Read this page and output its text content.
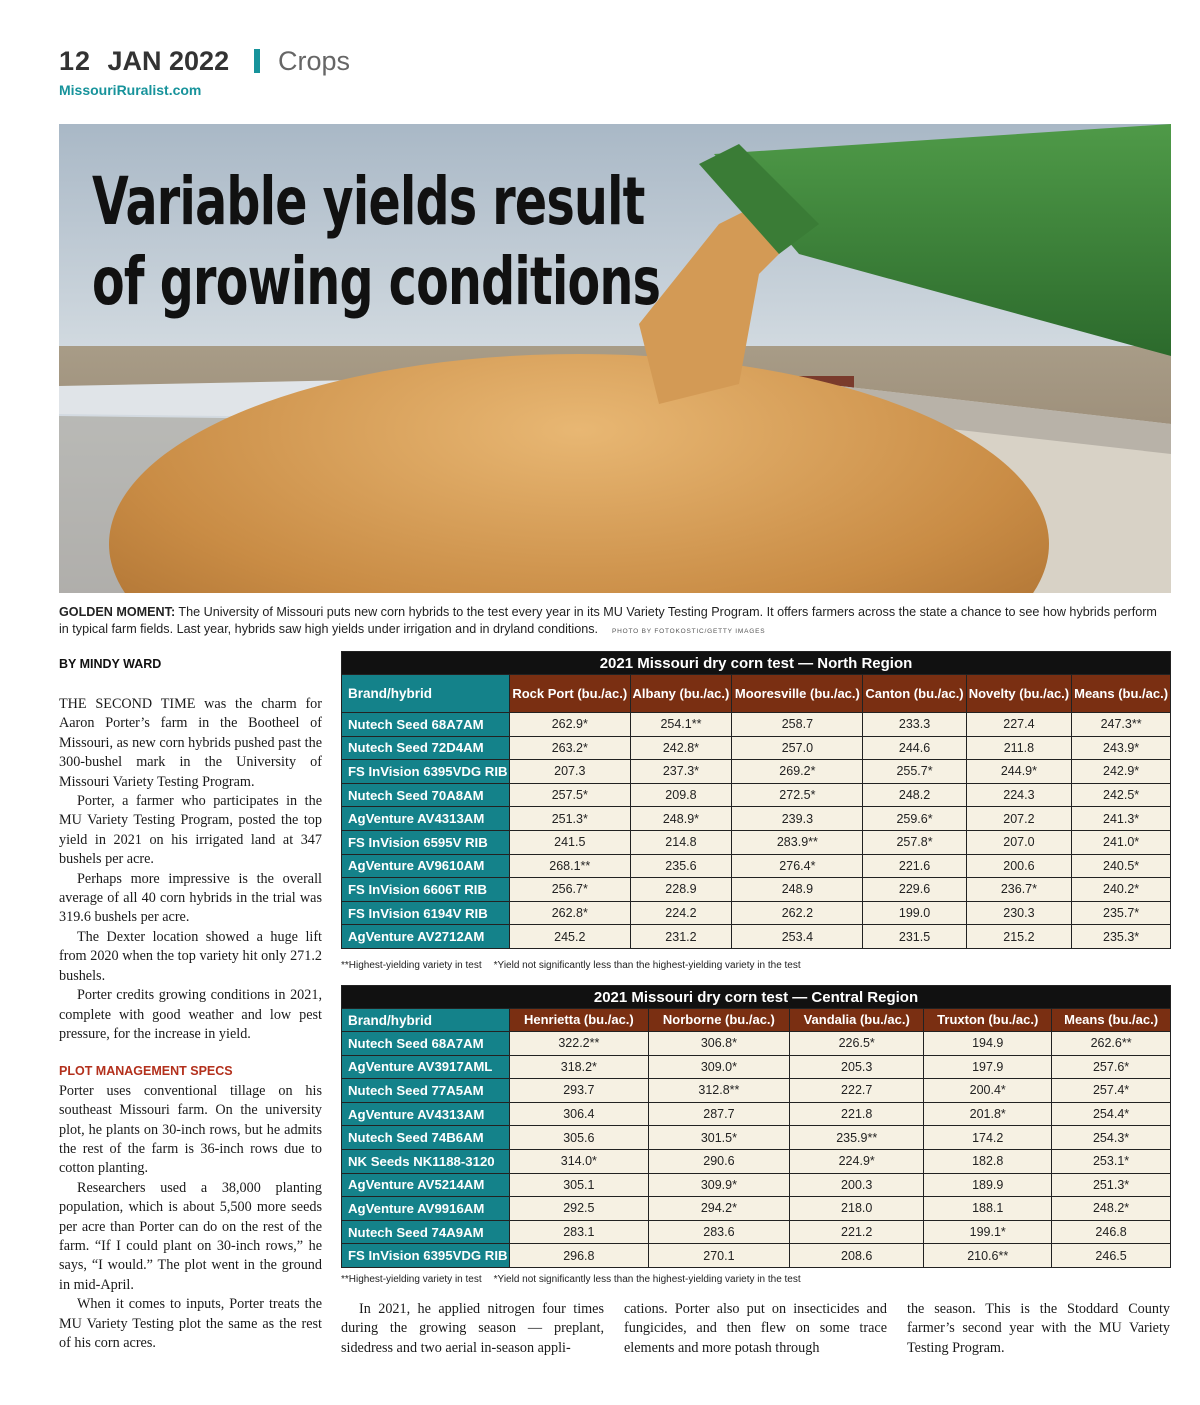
12 JAN 2022 Crops
MissouriRuralist.com
Variable yields result
of growing conditions
GOLDEN MOMENT: The University of Missouri puts new corn hybrids to the test every year in its MU Variety Testing Program. It offers farmers across the state a chance to see how hybrids perform in typical farm fields. Last year, hybrids saw high yields under irrigation and in dryland conditions. PHOTO BY FOTOKOSTIC/GETTY IMAGES
BY MINDY WARD

THE SECOND TIME was the charm for Aaron Porter’s farm in the Bootheel of Missouri, as new corn hybrids pushed past the 300-bushel mark in the University of Missouri Variety Testing Program.

Porter, a farmer who participates in the MU Variety Testing Program, posted the top yield in 2021 on his irrigated land at 347 bushels per acre.

Perhaps more impressive is the overall average of all 40 corn hybrids in the trial was 319.6 bushels per acre.

The Dexter location showed a huge lift from 2020 when the top variety hit only 271.2 bushels.

Porter credits growing conditions in 2021, complete with good weather and low pest pressure, for the increase in yield.

PLOT MANAGEMENT SPECS

Porter uses conventional tillage on his southeast Missouri farm. On the university plot, he plants on 30-inch rows, but he admits the rest of the farm is 36-inch rows due to cotton planting.

Researchers used a 38,000 planting population, which is about 5,500 more seeds per acre than Porter can do on the rest of the farm. “If I could plant on 30-inch rows,” he says, “I would.” The plot went in the ground in mid-April.

When it comes to inputs, Porter treats the MU Variety Testing plot the same as the rest of his corn acres.

In 2021, he applied nitrogen four times during the growing season — preplant, sidedress and two aerial in-season appli-

cations. Porter also put on insecticides and fungicides, and then flew on some trace elements and more potash through

the season. This is the Stoddard County farmer’s second year with the MU Variety Testing Program.

2021 Missouri dry corn test — North Region						
Brand/hybrid	Rock Port (bu./ac.)	Albany (bu./ac.)	Mooresville (bu./ac.)	Canton (bu./ac.)	Novelty (bu./ac.)	Means (bu./ac.)
Nutech Seed 68A7AM	262.9*	254.1**	258.7	233.3	227.4	247.3**
Nutech Seed 72D4AM	263.2*	242.8*	257.0	244.6	211.8	243.9*
FS InVision 6395VDG RIB	207.3	237.3*	269.2*	255.7*	244.9*	242.9*
Nutech Seed 70A8AM	257.5*	209.8	272.5*	248.2	224.3	242.5*
AgVenture AV4313AM	251.3*	248.9*	239.3	259.6*	207.2	241.3*
FS InVision 6595V RIB	241.5	214.8	283.9**	257.8*	207.0	241.0*
AgVenture AV9610AM	268.1**	235.6	276.4*	221.6	200.6	240.5*
FS InVision 6606T RIB	256.7*	228.9	248.9	229.6	236.7*	240.2*
FS InVision 6194V RIB	262.8*	224.2	262.2	199.0	230.3	235.7*
AgVenture AV2712AM	245.2	231.2	253.4	231.5	215.2	235.3*
**Highest-yielding variety in test *Yield not significantly less than the highest-yielding variety in the test
2021 Missouri dry corn test — Central Region					
Brand/hybrid	Henrietta (bu./ac.)	Norborne (bu./ac.)	Vandalia (bu./ac.)	Truxton (bu./ac.)	Means (bu./ac.)
Nutech Seed 68A7AM	322.2**	306.8*	226.5*	194.9	262.6**
AgVenture AV3917AML	318.2*	309.0*	205.3	197.9	257.6*
Nutech Seed 77A5AM	293.7	312.8**	222.7	200.4*	257.4*
AgVenture AV4313AM	306.4	287.7	221.8	201.8*	254.4*
Nutech Seed 74B6AM	305.6	301.5*	235.9**	174.2	254.3*
NK Seeds NK1188-3120	314.0*	290.6	224.9*	182.8	253.1*
AgVenture AV5214AM	305.1	309.9*	200.3	189.9	251.3*
AgVenture AV9916AM	292.5	294.2*	218.0	188.1	248.2*
Nutech Seed 74A9AM	283.1	283.6	221.2	199.1*	246.8
FS InVision 6395VDG RIB	296.8	270.1	208.6	210.6**	246.5
**Highest-yielding variety in test *Yield not significantly less than the highest-yielding variety in the test
